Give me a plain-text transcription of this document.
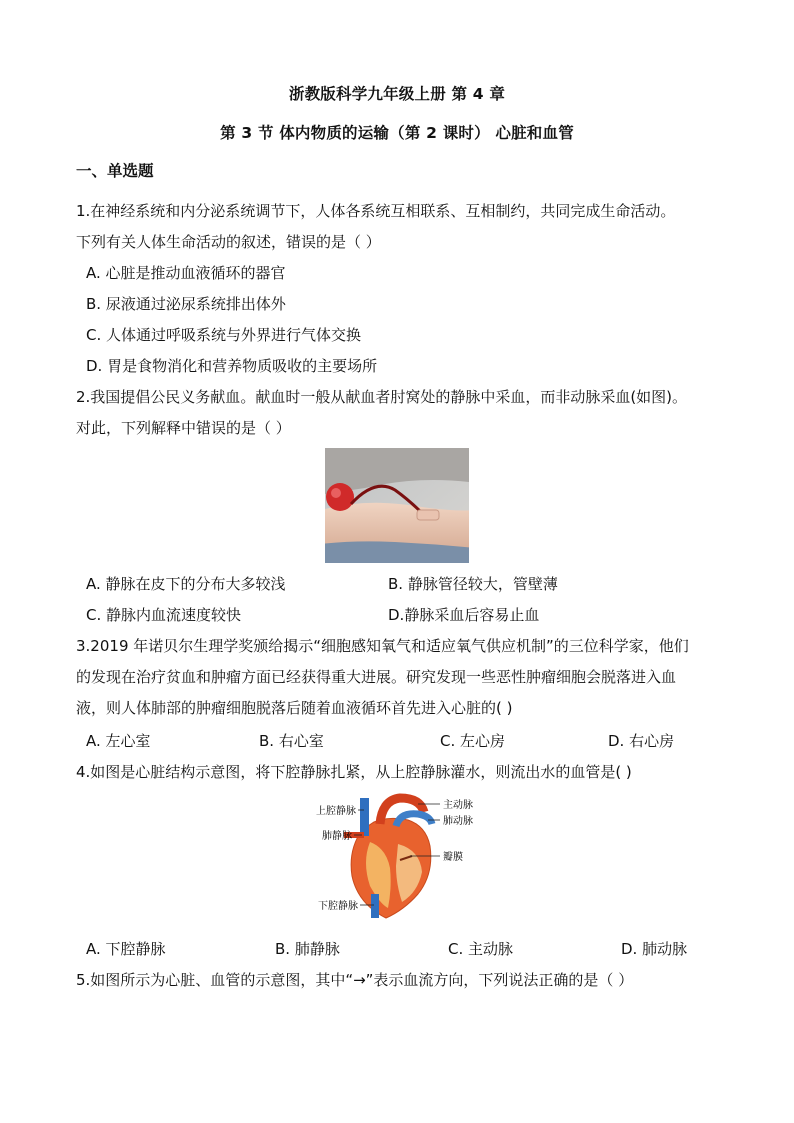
浙教版科学九年级上册 第 4 章
第 3 节 体内物质的运输（第 2 课时） 心脏和血管
一、单选题
1.在神经系统和内分泌系统调节下，人体各系统互相联系、互相制约，共同完成生命活动。
下列有关人体生命活动的叙述，错误的是（ ）
A. 心脏是推动血液循环的器官
B. 尿液通过泌尿系统排出体外
C. 人体通过呼吸系统与外界进行气体交换
D. 胃是食物消化和营养物质吸收的主要场所
2.我国提倡公民义务献血。献血时一般从献血者肘窝处的静脉中采血，而非动脉采血(如图)。
对此，下列解释中错误的是（ ）
A. 静脉在皮下的分布大多较浅	B. 静脉管径较大，管壁薄
C. 静脉内血流速度较快	D.静脉采血后容易止血
3.2019 年诺贝尔生理学奖颁给揭示“细胞感知氧气和适应氧气供应机制”的三位科学家，他们
的发现在治疗贫血和肿瘤方面已经获得重大进展。研究发现一些恶性肿瘤细胞会脱落进入血
液，则人体肺部的肿瘤细胞脱落后随着血液循环首先进入心脏的( )
A. 左心室	B. 右心室	C. 左心房	D. 右心房
4.如图是心脏结构示意图，将下腔静脉扎紧，从上腔静脉灌水，则流出水的血管是( )
上腔静脉
肺静脉
下腔静脉
主动脉
肺动脉
瓣膜
A. 下腔静脉	B. 肺静脉	C. 主动脉	D. 肺动脉
5.如图所示为心脏、血管的示意图，其中“→”表示血流方向，下列说法正确的是（ ）
